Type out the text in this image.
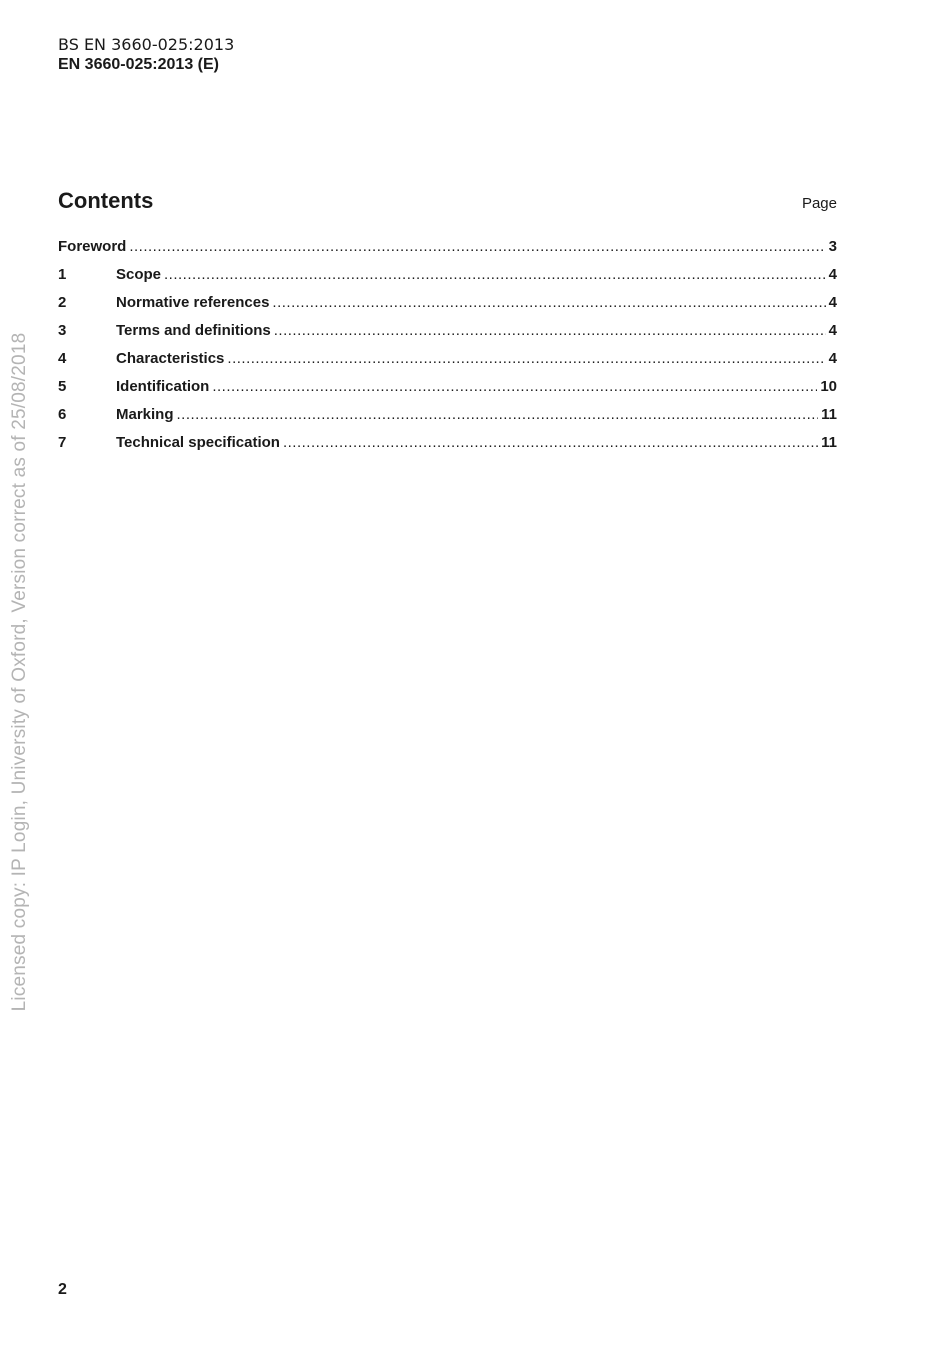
BS EN 3660-025:2013
EN 3660-025:2013 (E)
Contents	Page
Foreword .....	3
1	Scope .....	4
2	Normative references .....	4
3	Terms and definitions .....	4
4	Characteristics .....	4
5	Identification .....	10
6	Marking .....	11
7	Technical specification .....	11
Licensed copy: IP Login, University of Oxford, Version correct as of 25/08/2018
2
